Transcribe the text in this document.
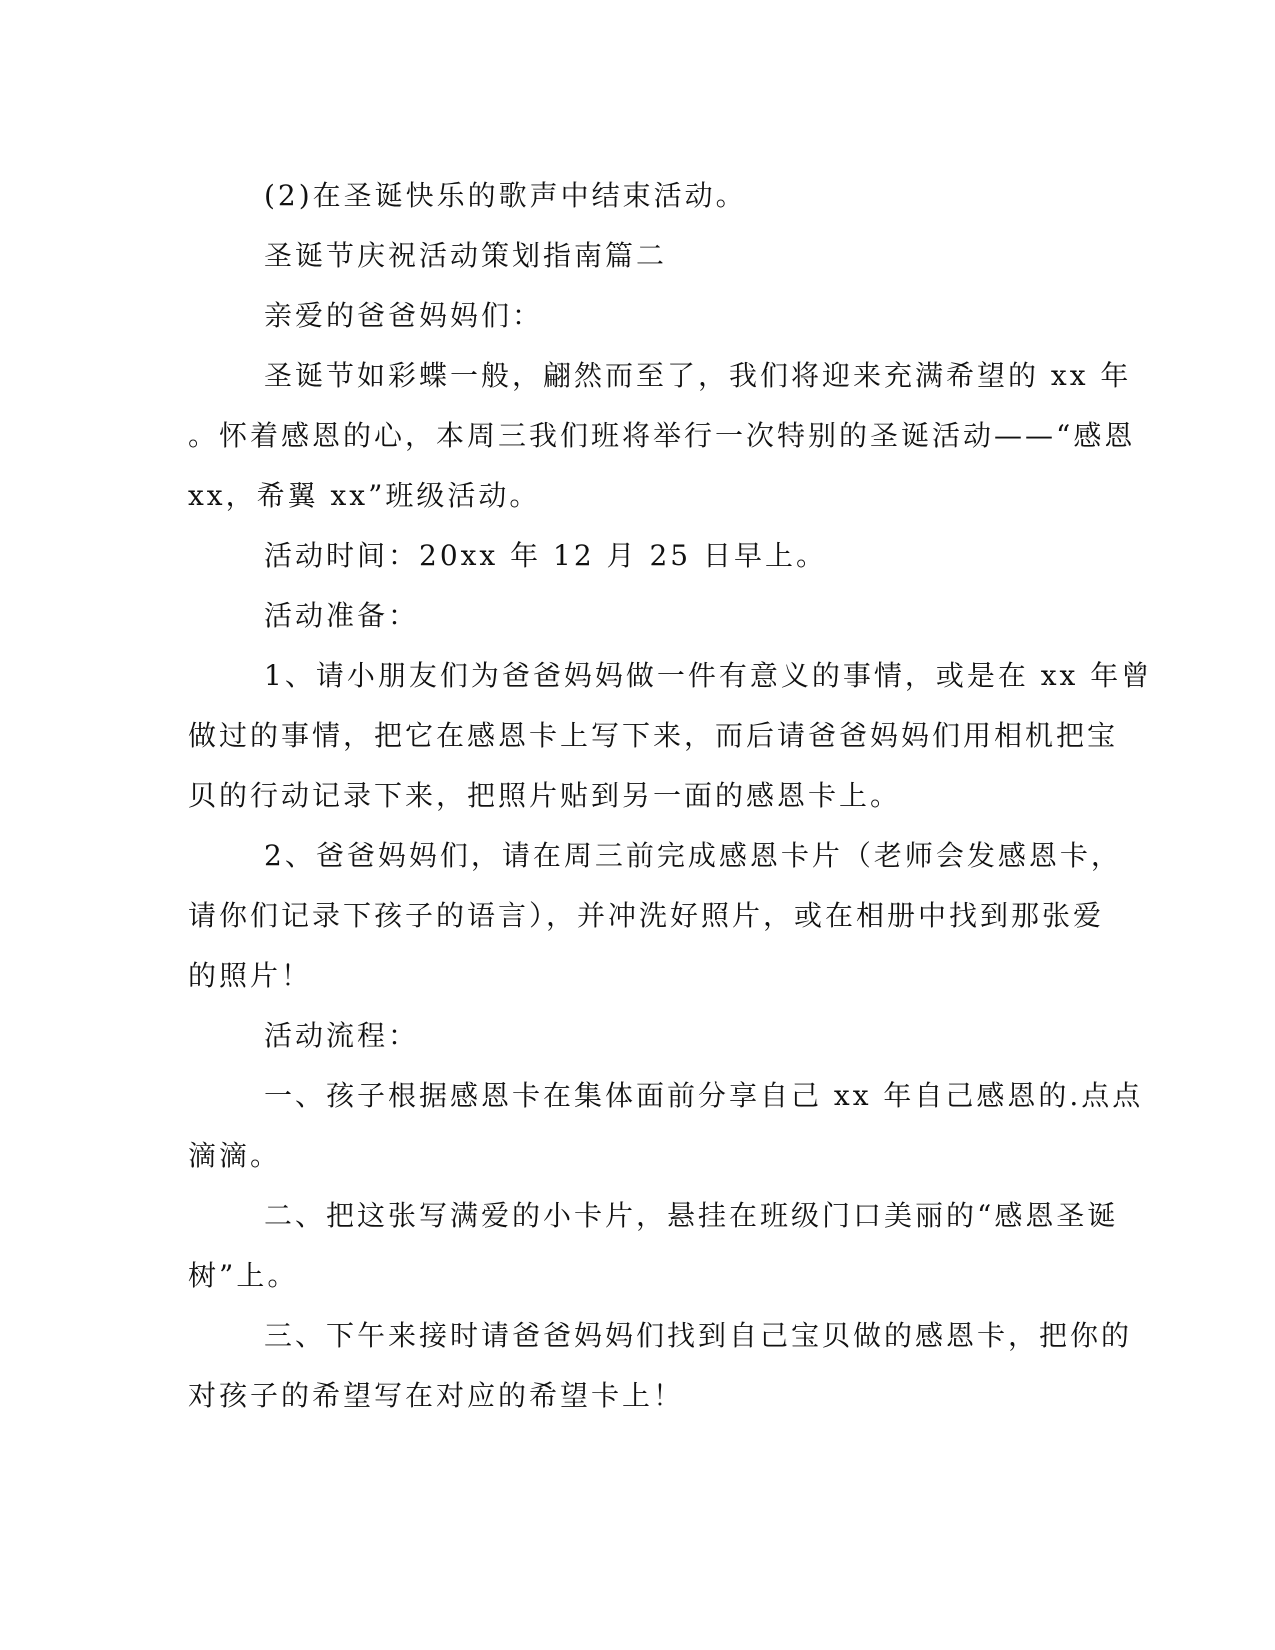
(2)在圣诞快乐的歌声中结束活动。
圣诞节庆祝活动策划指南篇二
亲爱的爸爸妈妈们：
圣诞节如彩蝶一般，翩然而至了，我们将迎来充满希望的 xx 年
。怀着感恩的心，本周三我们班将举行一次特别的圣诞活动——“感恩
xx，希翼 xx”班级活动。
活动时间：20xx 年 12 月 25 日早上。
活动准备：
1、请小朋友们为爸爸妈妈做一件有意义的事情，或是在 xx 年曾
做过的事情，把它在感恩卡上写下来，而后请爸爸妈妈们用相机把宝
贝的行动记录下来，把照片贴到另一面的感恩卡上。
2、爸爸妈妈们，请在周三前完成感恩卡片（老师会发感恩卡，
请你们记录下孩子的语言），并冲洗好照片，或在相册中找到那张爱
的照片！
活动流程：
一、孩子根据感恩卡在集体面前分享自己 xx 年自己感恩的.点点
滴滴。
二、把这张写满爱的小卡片，悬挂在班级门口美丽的“感恩圣诞
树”上。
三、下午来接时请爸爸妈妈们找到自己宝贝做的感恩卡，把你的
对孩子的希望写在对应的希望卡上！
